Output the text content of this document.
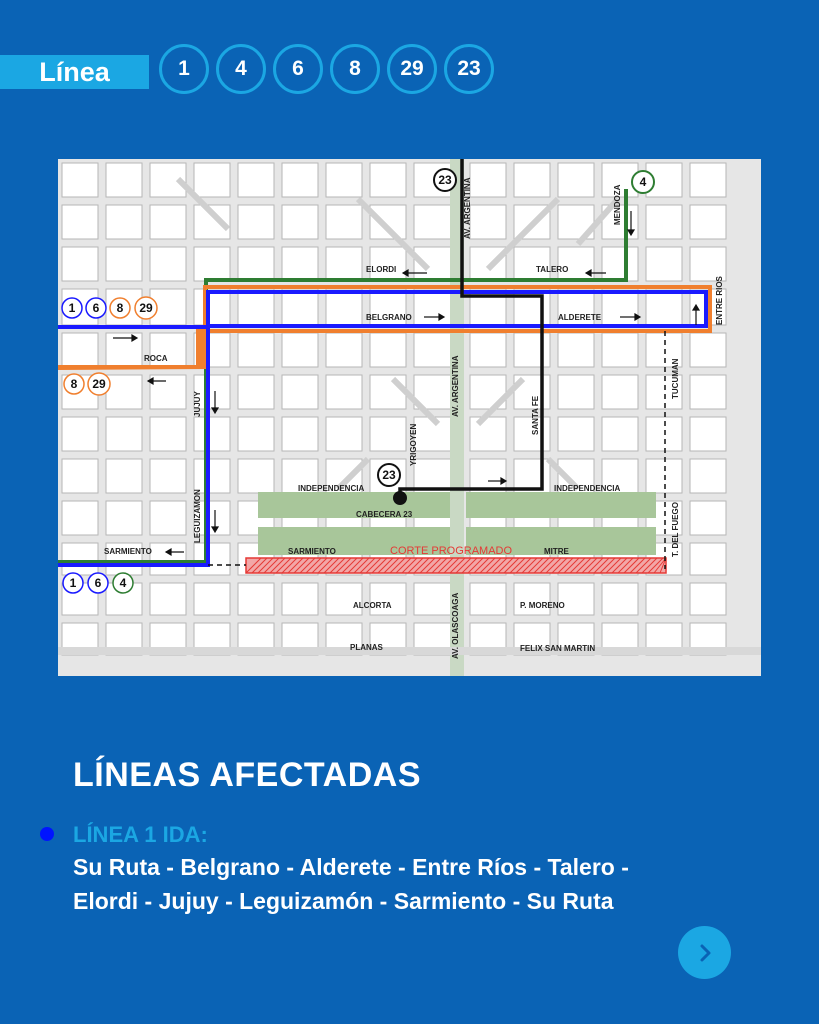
Línea	1	4	6	8	29	23
ELORDI	TALERO
BELGRANO	ALDERETE
ROCA
INDEPENDENCIA	INDEPENDENCIA
SARMIENTO	SARMIENTO	MITRE
ALCORTA	P. MORENO
PLANAS	FELIX SAN MARTIN
CABECERA 23
CORTE PROGRAMADO
AV. ARGENTINA
AV. ARGENTINA
YRIGOYEN
SANTA FE
TUCUMAN
T. DEL FUEGO
MENDOZA
ENTRE RIOS
JUJUY
LEGUIZAMON
AV. OLASCOAGA
23	4
23
1 6 8 29
8 29
1 6 4
LÍNEAS AFECTADAS
LÍNEA 1 IDA:
Su Ruta - Belgrano - Alderete - Entre Ríos - Talero -
Elordi - Jujuy - Leguizamón - Sarmiento - Su Ruta
